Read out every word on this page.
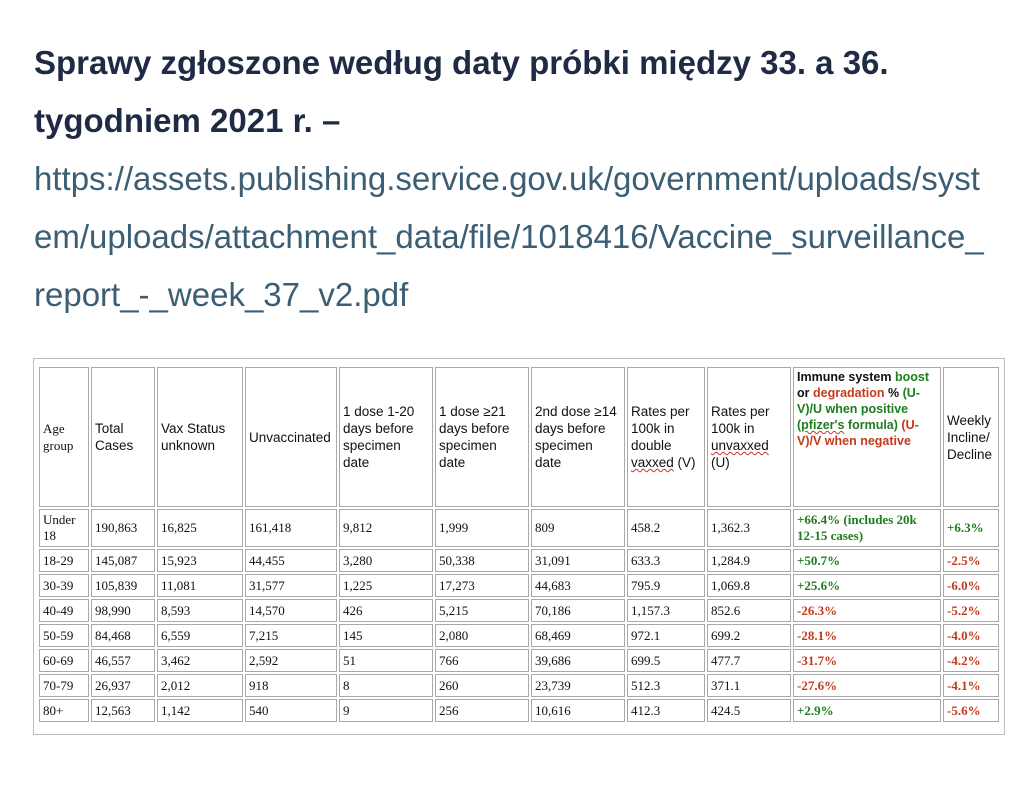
Sprawy zgłoszone według daty próbki między 33. a 36. tygodniem 2021 r. –
https://assets.publishing.service.gov.uk/government/uploads/system/uploads/attachment_data/file/1018416/Vaccine_surveillance_report_-_week_37_v2.pdf
Age group	Total Cases	Vax Status unknown	Unvaccinated	1 dose 1-20 days before specimen date	1 dose ≥21 days before specimen date	2nd dose ≥14 days before specimen date	Rates per 100k in double vaxxed (V)	Rates per 100k in unvaxxed (U)	Immune system boost or degradation % (U-V)/U when positive (pfizer's formula) (U-V)/V when negative	Weekly Incline/ Decline
Under 18	190,863	16,825	161,418	9,812	1,999	809	458.2	1,362.3	+66.4% (includes 20k 12-15 cases)	+6.3%
18-29	145,087	15,923	44,455	3,280	50,338	31,091	633.3	1,284.9	+50.7%	-2.5%
30-39	105,839	11,081	31,577	1,225	17,273	44,683	795.9	1,069.8	+25.6%	-6.0%
40-49	98,990	8,593	14,570	426	5,215	70,186	1,157.3	852.6	-26.3%	-5.2%
50-59	84,468	6,559	7,215	145	2,080	68,469	972.1	699.2	-28.1%	-4.0%
60-69	46,557	3,462	2,592	51	766	39,686	699.5	477.7	-31.7%	-4.2%
70-79	26,937	2,012	918	8	260	23,739	512.3	371.1	-27.6%	-4.1%
80+	12,563	1,142	540	9	256	10,616	412.3	424.5	+2.9%	-5.6%
